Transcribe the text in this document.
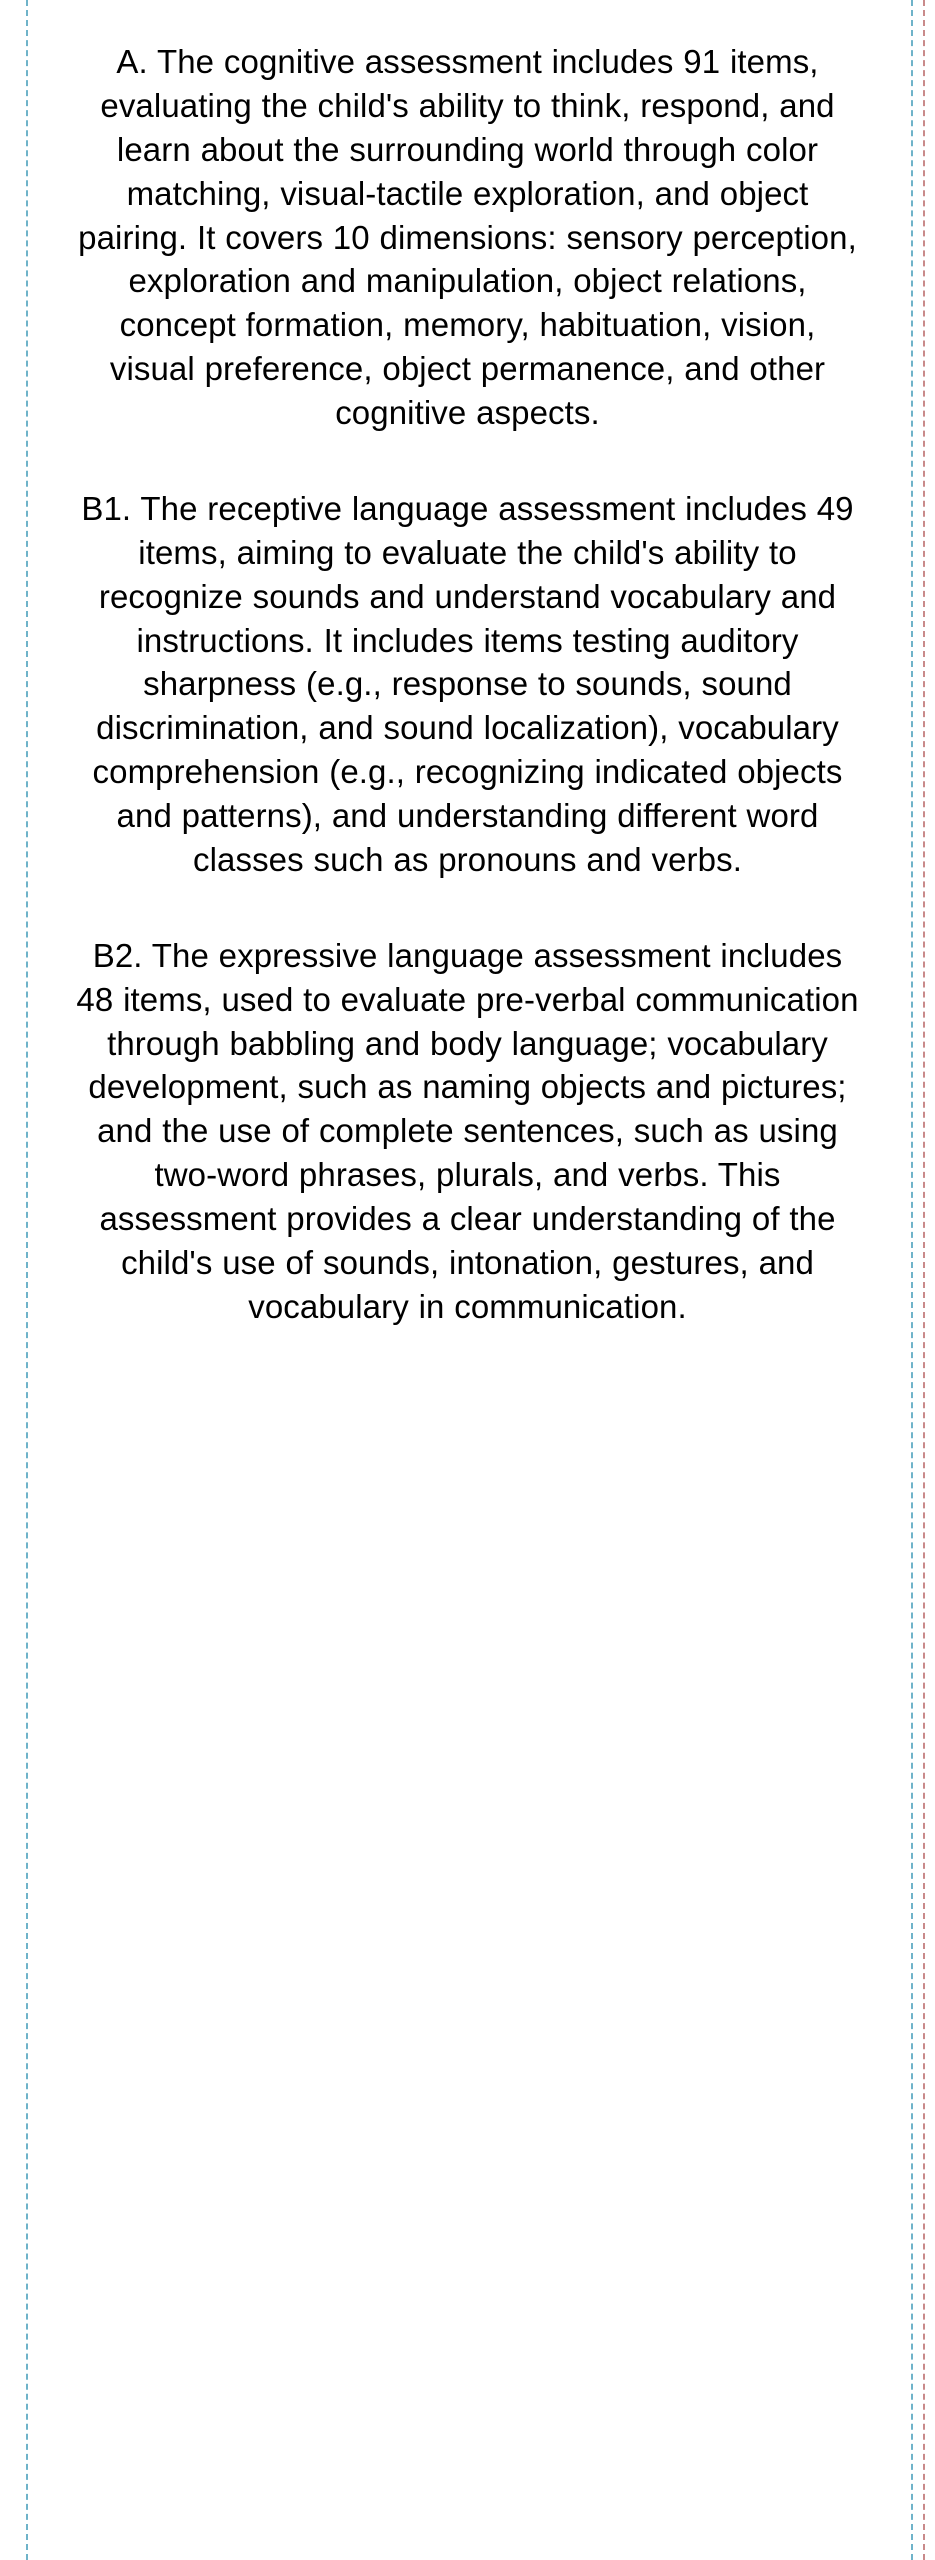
A. The cognitive assessment includes 91 items, evaluating the child's ability to think, respond, and learn about the surrounding world through color matching, visual-tactile exploration, and object pairing. It covers 10 dimensions: sensory perception, exploration and manipulation, object relations, concept formation, memory, habituation, vision, visual preference, object permanence, and other cognitive aspects.

B1. The receptive language assessment includes 49 items, aiming to evaluate the child's ability to recognize sounds and understand vocabulary and instructions. It includes items testing auditory sharpness (e.g., response to sounds, sound discrimination, and sound localization), vocabulary comprehension (e.g., recognizing indicated objects and patterns), and understanding different word classes such as pronouns and verbs.

B2. The expressive language assessment includes 48 items, used to evaluate pre-verbal communication through babbling and body language; vocabulary development, such as naming objects and pictures; and the use of complete sentences, such as using two-word phrases, plurals, and verbs. This assessment provides a clear understanding of the child's use of sounds, intonation, gestures, and vocabulary in communication.
